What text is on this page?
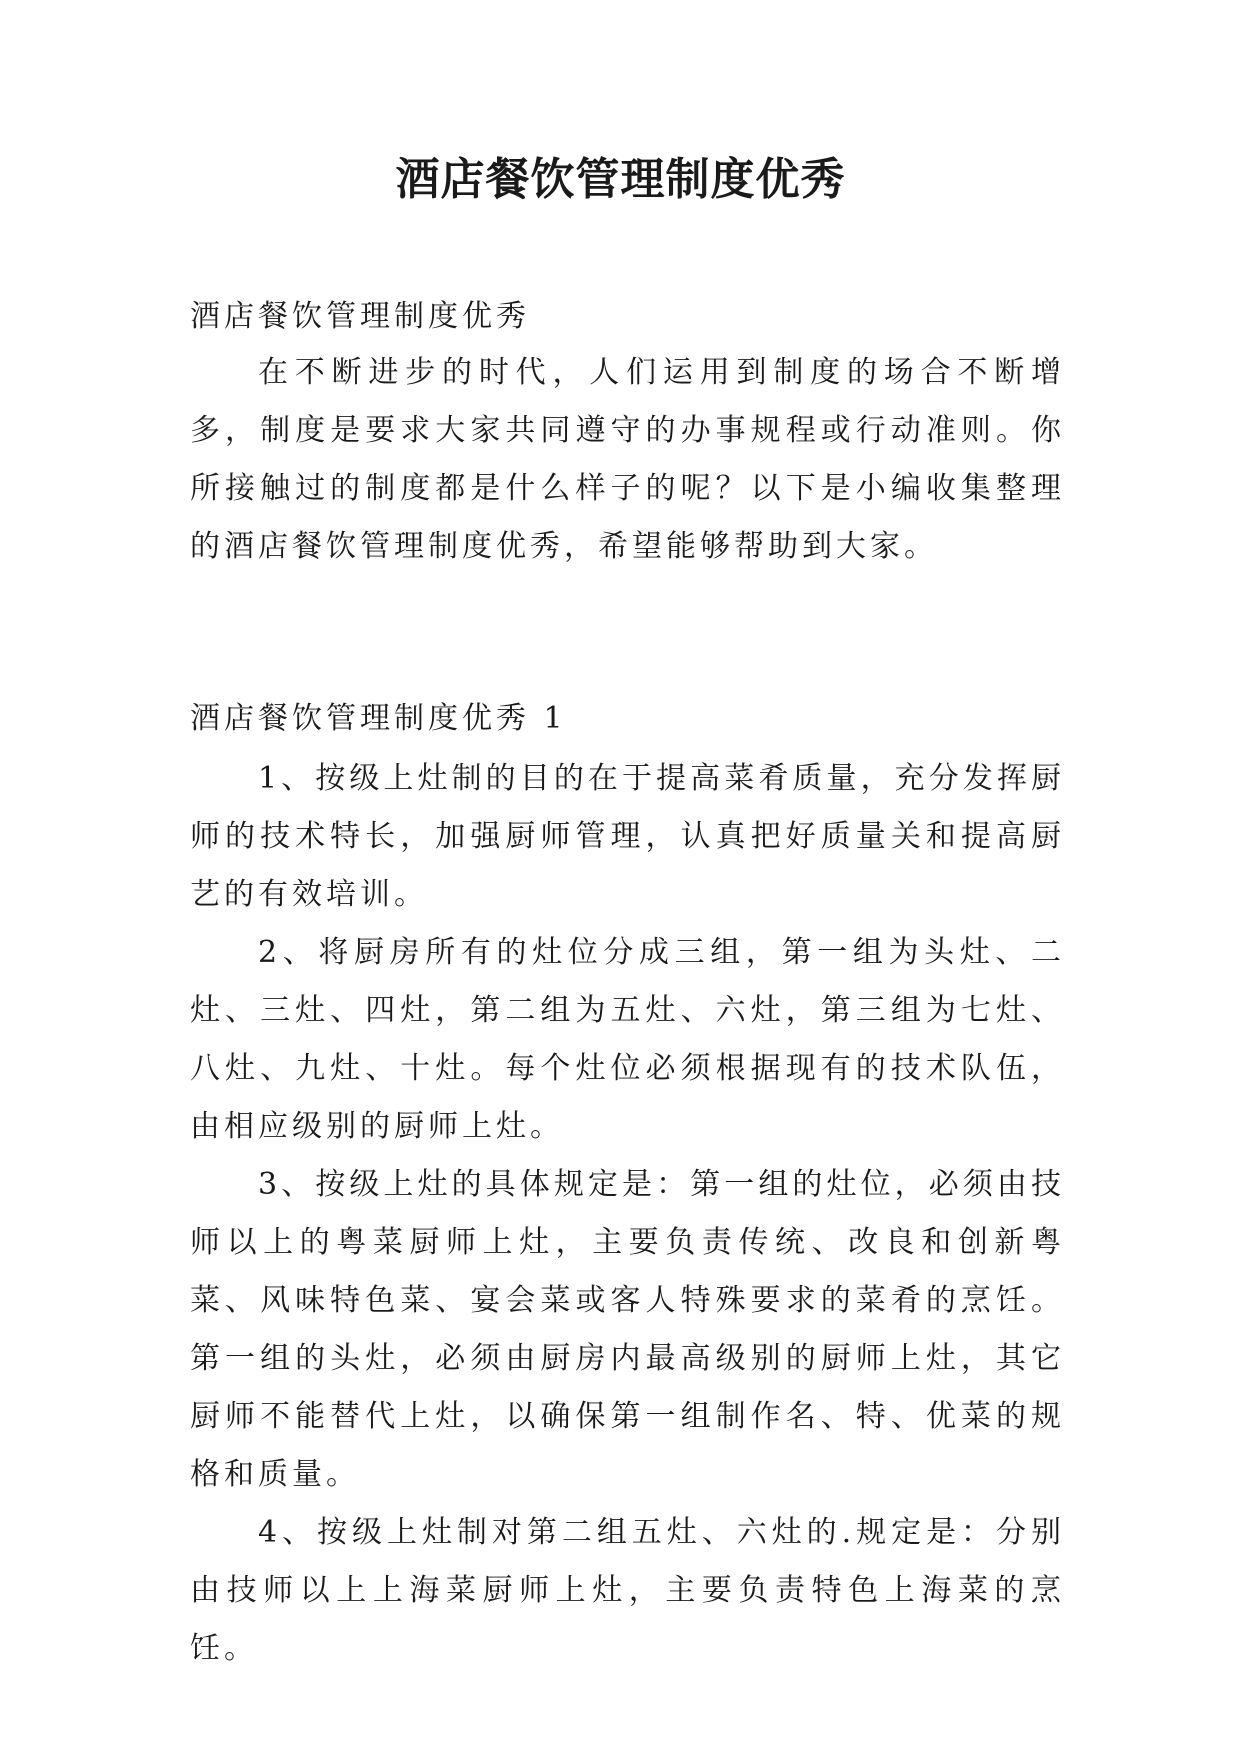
酒店餐饮管理制度优秀

酒店餐饮管理制度优秀

在不断进步的时代，人们运用到制度的场合不断增多，制度是要求大家共同遵守的办事规程或行动准则。你所接触过的制度都是什么样子的呢？以下是小编收集整理的酒店餐饮管理制度优秀，希望能够帮助到大家。

酒店餐饮管理制度优秀 1

1、按级上灶制的目的在于提高菜肴质量，充分发挥厨师的技术特长，加强厨师管理，认真把好质量关和提高厨艺的有效培训。

2、将厨房所有的灶位分成三组，第一组为头灶、二灶、三灶、四灶，第二组为五灶、六灶，第三组为七灶、八灶、九灶、十灶。每个灶位必须根据现有的技术队伍，由相应级别的厨师上灶。

3、按级上灶的具体规定是：第一组的灶位，必须由技师以上的粤菜厨师上灶，主要负责传统、改良和创新粤菜、风味特色菜、宴会菜或客人特殊要求的菜肴的烹饪。第一组的头灶，必须由厨房内最高级别的厨师上灶，其它厨师不能替代上灶，以确保第一组制作名、特、优菜的规格和质量。

4、按级上灶制对第二组五灶、六灶的.规定是：分别由技师以上上海菜厨师上灶，主要负责特色上海菜的烹饪。
